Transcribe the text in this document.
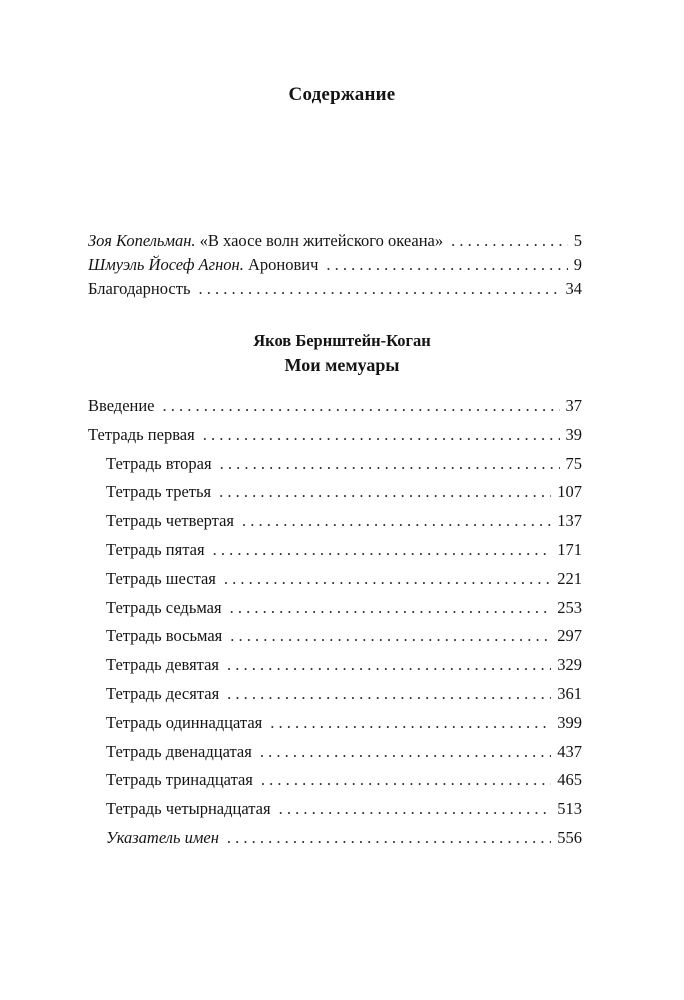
Содержание
Зоя Копельман. «В хаосе волн житейского океана» . . .	5
Шмуэль Йосеф Агнон. Аронович . . .	9
Благодарность . . .	34
Яков Бернштейн-Коган
Мои мемуары
Введение . . .	37
Тетрадь первая . . .	39
Тетрадь вторая . . .	75
Тетрадь третья . . .	107
Тетрадь четвертая . . .	137
Тетрадь пятая . . .	171
Тетрадь шестая . . .	221
Тетрадь седьмая . . .	253
Тетрадь восьмая . . .	297
Тетрадь девятая . . .	329
Тетрадь десятая . . .	361
Тетрадь одиннадцатая . . .	399
Тетрадь двенадцатая . . .	437
Тетрадь тринадцатая . . .	465
Тетрадь четырнадцатая . . .	513
Указатель имен . . .	556
